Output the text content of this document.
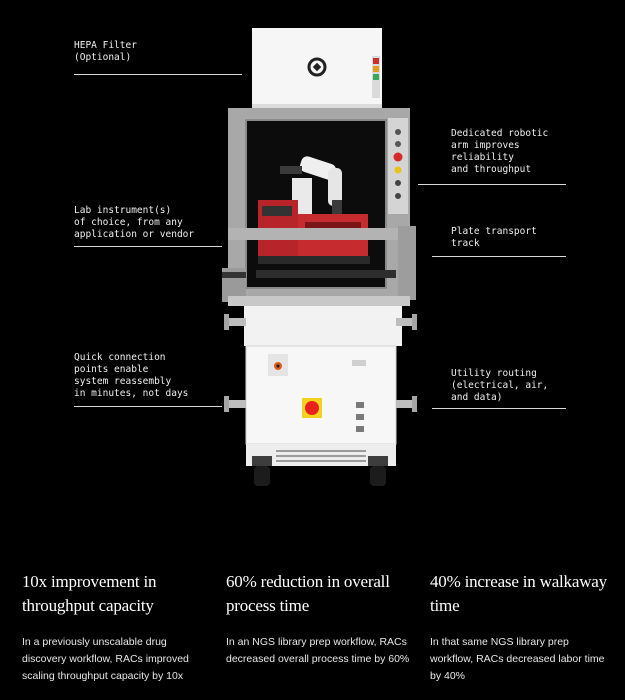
HEPA Filter
(Optional)
Dedicated robotic
arm improves
reliability
and throughput
Lab instrument(s)
of choice, from any
application or vendor	Plate transport
track
Quick connection
points enable
system reassembly
in minutes, not days
Utility routing
(electrical, air,
and data)
10x improvement in throughput capacity
In a previously unscalable drug discovery workflow, RACs improved scaling throughput capacity by 10x
60% reduction in overall process time
In an NGS library prep workflow, RACs decreased overall process time by 60%
40% increase in walkaway time
In that same NGS library prep workflow, RACs decreased labor time by 40%
